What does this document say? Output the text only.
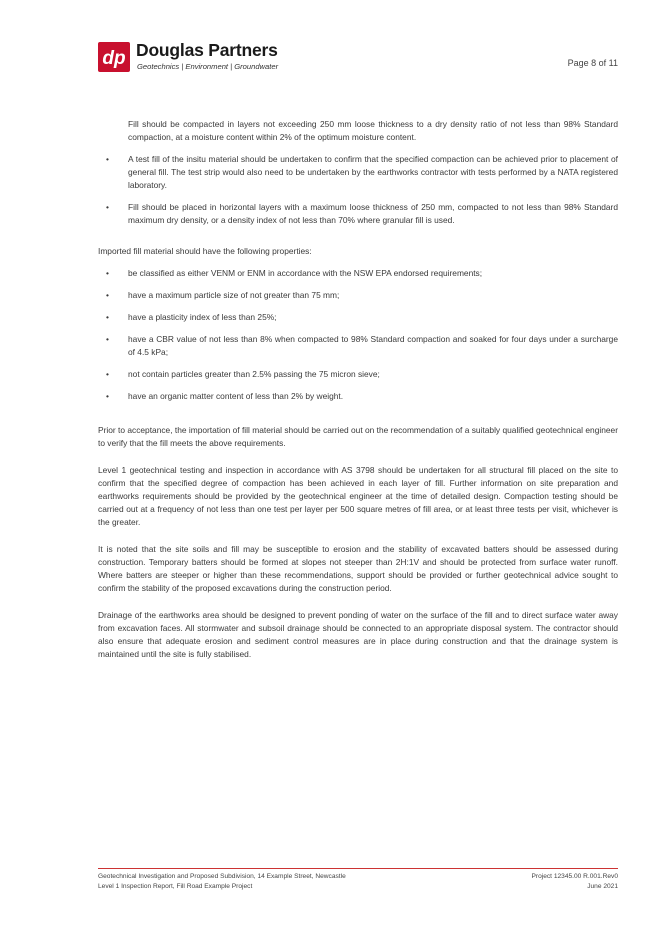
dp Douglas Partners
Geotechnics | Environment | Groundwater	Page 8 of 11

Fill should be compacted in layers not exceeding 250 mm loose thickness to a dry density ratio of not less than 98% Standard compaction, at a moisture content within 2% of the optimum moisture content.

• A test fill of the insitu material should be undertaken to confirm that the specified compaction can be achieved prior to placement of general fill. The test strip would also need to be undertaken by the earthworks contractor with tests performed by a NATA registered laboratory.
• Fill should be placed in horizontal layers with a maximum loose thickness of 250 mm, compacted to not less than 98% Standard maximum dry density, or a density index of not less than 70% where granular fill is used.

Imported fill material should have the following properties:

• be classified as either VENM or ENM in accordance with the NSW EPA endorsed requirements;
• have a maximum particle size of not greater than 75 mm;
• have a plasticity index of less than 25%;
• have a CBR value of not less than 8% when compacted to 98% Standard compaction and soaked for four days under a surcharge of 4.5 kPa;
• not contain particles greater than 2.5% passing the 75 micron sieve;
• have an organic matter content of less than 2% by weight.

Prior to acceptance, the importation of fill material should be carried out on the recommendation of a suitably qualified geotechnical engineer to verify that the fill meets the above requirements.

Level 1 geotechnical testing and inspection in accordance with AS 3798 should be undertaken for all structural fill placed on the site to confirm that the specified degree of compaction has been achieved in each layer of fill. Further information on site preparation and earthworks requirements should be provided by the geotechnical engineer at the time of detailed design. Compaction testing should be carried out at a frequency of not less than one test per layer per 500 square metres of fill area, or at least three tests per visit, whichever is the greater.

It is noted that the site soils and fill may be susceptible to erosion and the stability of excavated batters should be assessed during construction. Temporary batters should be formed at slopes not steeper than 2H:1V and should be protected from surface water runoff. Where batters are steeper or higher than these recommendations, support should be provided or further geotechnical advice sought to confirm the stability of the proposed excavations during the construction period.

Drainage of the earthworks area should be designed to prevent ponding of water on the surface of the fill and to direct surface water away from excavation faces. All stormwater and subsoil drainage should be connected to an appropriate disposal system. The contractor should also ensure that adequate erosion and sediment control measures are in place during construction and that the drainage system is maintained until the site is fully stabilised.

Geotechnical Investigation and Proposed Subdivision, 14 Example Street, Newcastle
Level 1 Inspection Report, Fill Road Example Project
Project 12345.00 R.001.Rev0
June 2021
